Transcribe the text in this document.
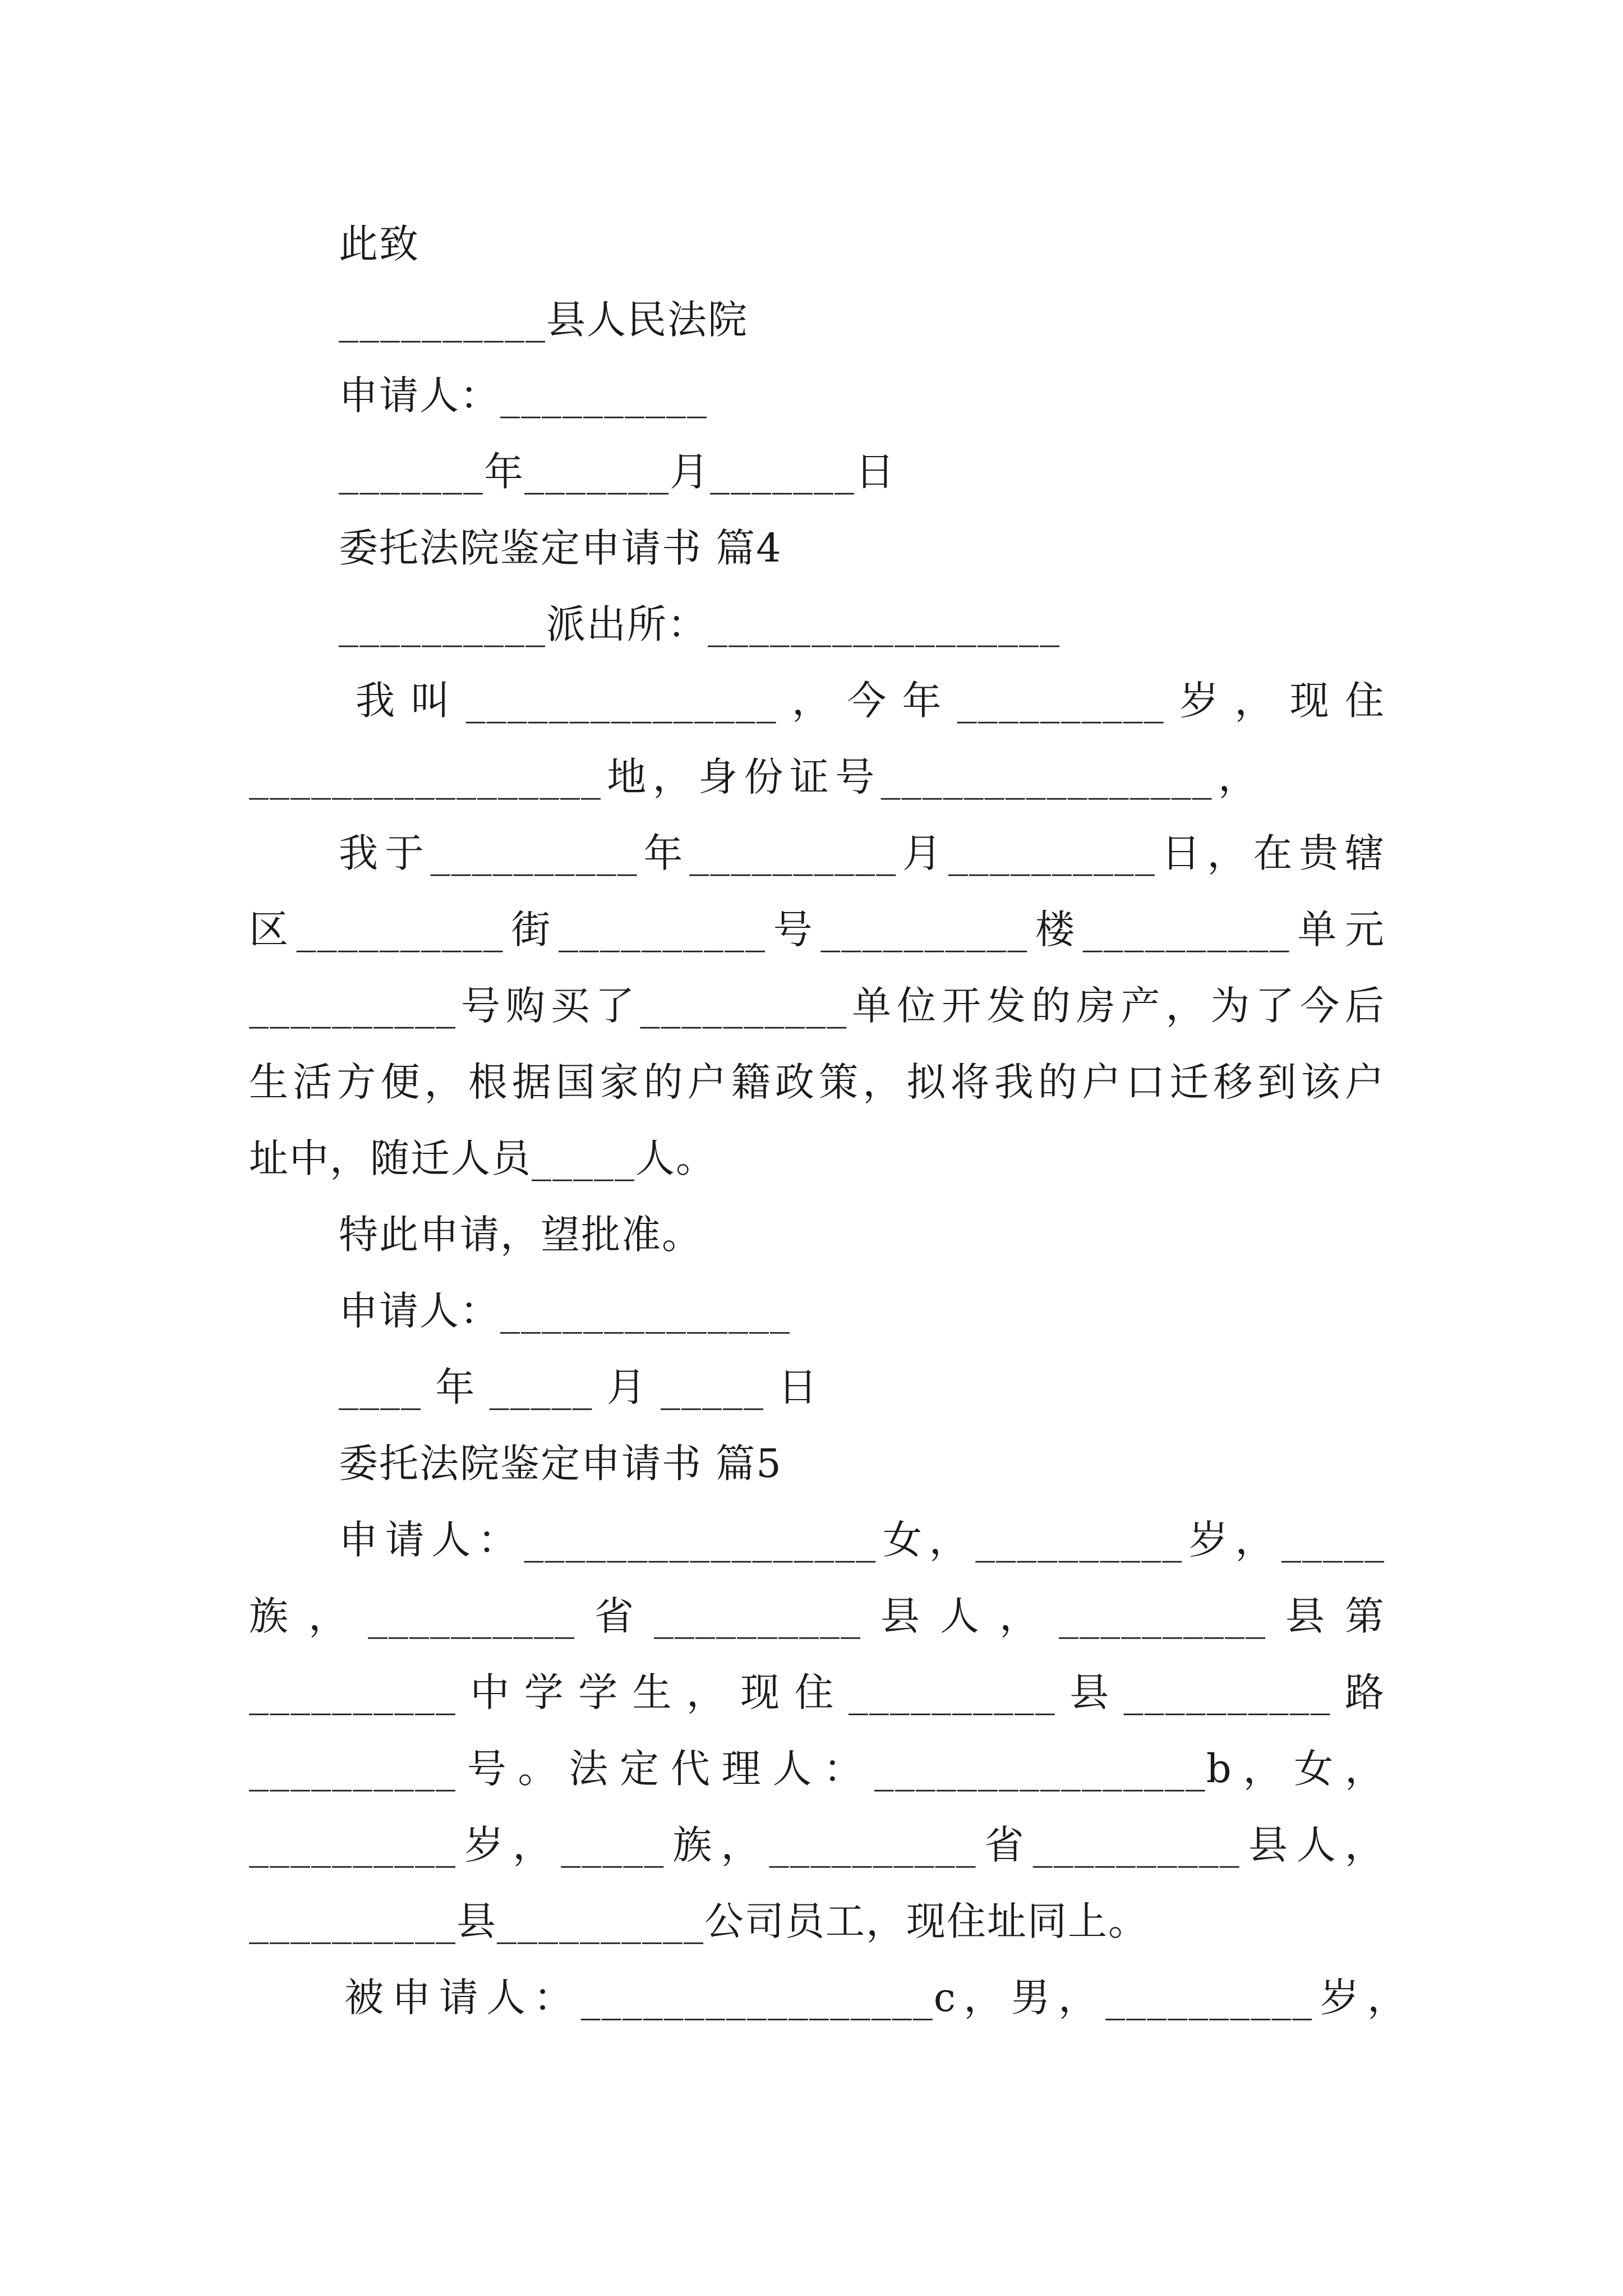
此致
__________县人民法院
申请人：__________
_______年_______月_______日
委托法院鉴定申请书 篇4
__________派出所：_________________
我叫_______________，今年__________岁，现住
_________________地，身份证号________________，
我于__________年__________月__________日，在贵辖
区__________街__________号__________楼__________单元
__________号购买了__________单位开发的房产，为了今后
生活方便，根据国家的户籍政策，拟将我的户口迁移到该户
址中，随迁人员_____人。
特此申请，望批准。
申请人：______________
____ 年 _____ 月 _____ 日
委托法院鉴定申请书 篇5
申请人：_________________女，__________岁，_____
族，__________省__________县人，__________县第
__________中学学生，现住__________县__________路
__________号。法定代理人：________________b，女，
__________岁，_____族，__________省__________县人，
__________县__________公司员工，现住址同上。
被申请人：_________________c，男，__________岁，
